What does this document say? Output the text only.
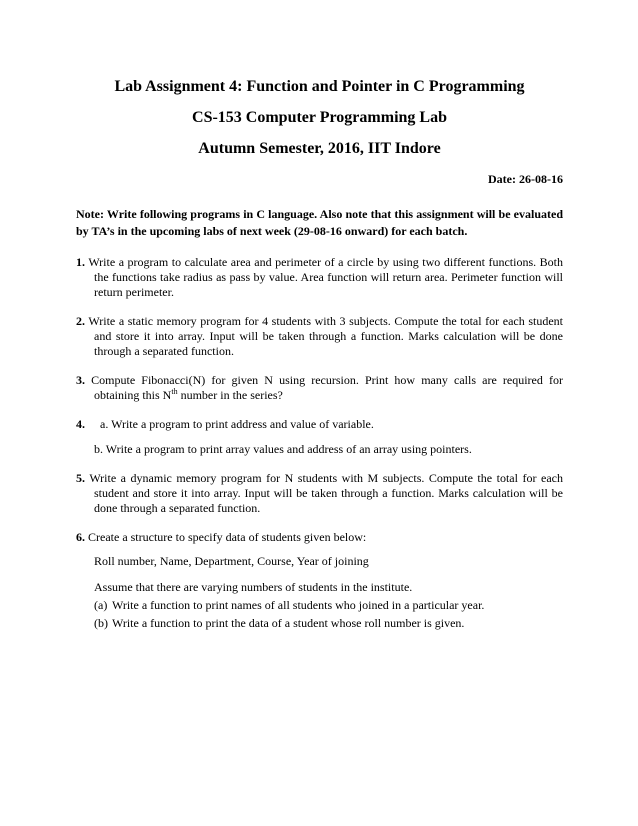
Lab Assignment 4: Function and Pointer in C Programming

CS-153 Computer Programming Lab

Autumn Semester, 2016, IIT Indore

Date: 26-08-16
Note: Write following programs in C language. Also note that this assignment will be evaluated by TA’s in the upcoming labs of next week (29-08-16 onward) for each batch.
1. Write a program to calculate area and perimeter of a circle by using two different functions. Both the functions take radius as pass by value. Area function will return area. Perimeter function will return perimeter.
2. Write a static memory program for 4 students with 3 subjects. Compute the total for each student and store it into array. Input will be taken through a function. Marks calculation will be done through a separated function.
3. Compute Fibonacci(N) for given N using recursion. Print how many calls are required for obtaining this $N^{th}$ number in the series?
4.	a. Write a program to print address and value of variable.
b. Write a program to print array values and address of an array using pointers.
5. Write a dynamic memory program for N students with M subjects. Compute the total for each student and store it into array. Input will be taken through a function. Marks calculation will be done through a separated function.
6. Create a structure to specify data of students given below:
Roll number, Name, Department, Course, Year of joining
Assume that there are varying numbers of students in the institute.
(a) Write a function to print names of all students who joined in a particular year.
(b) Write a function to print the data of a student whose roll number is given.
